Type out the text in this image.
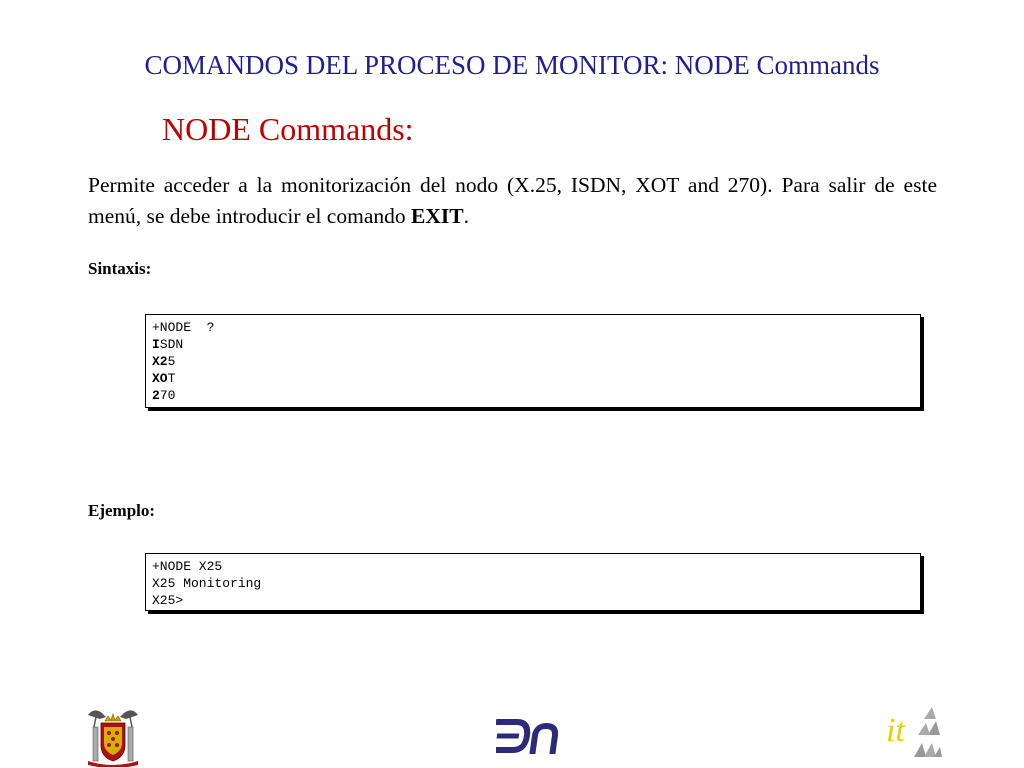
COMANDOS DEL PROCESO DE MONITOR: NODE Commands
NODE Commands:
Permite acceder a la monitorización del nodo (X.25, ISDN, XOT and 270). Para salir de este menú, se debe introducir el comando EXIT.
Sintaxis:
+NODE  ?
ISDN
X25
XOT
270
Ejemplo:
+NODE X25
X25 Monitoring
X25>
it
